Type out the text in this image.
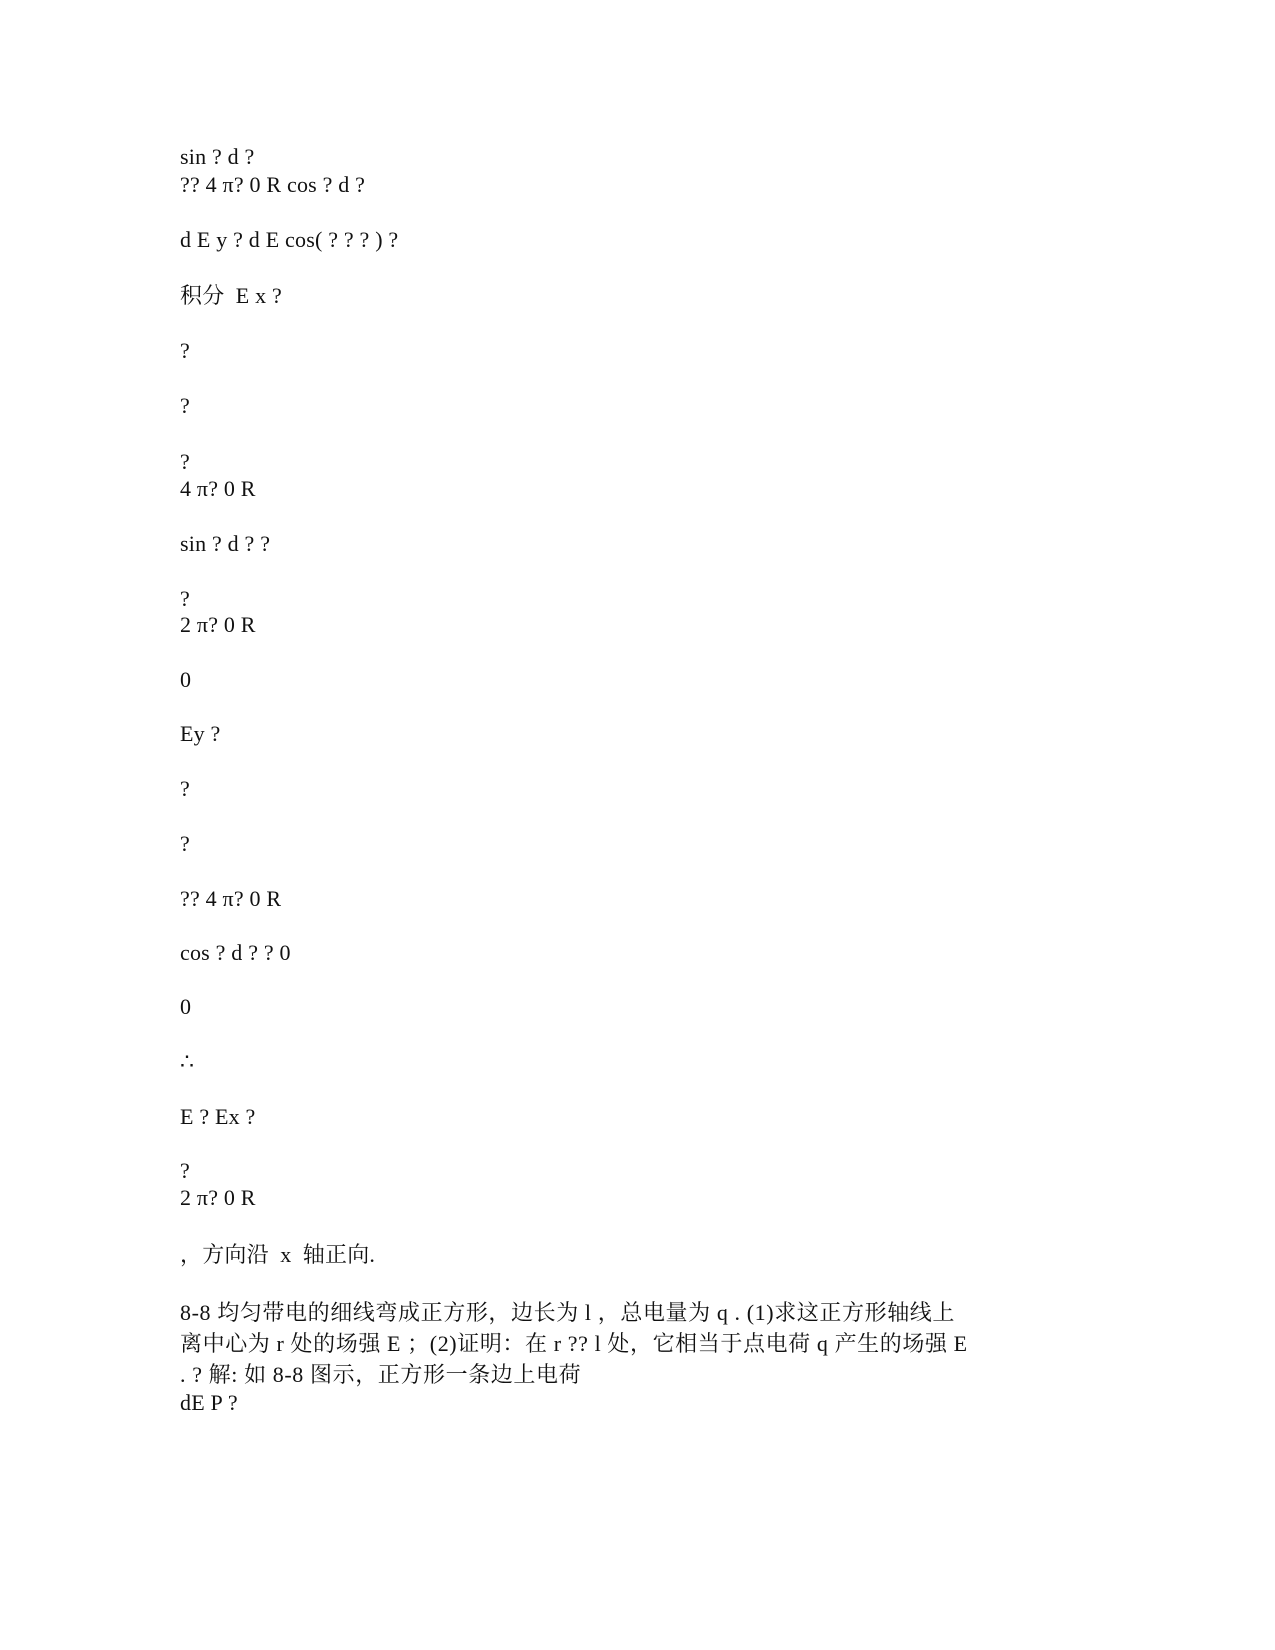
sin ? d ?
?? 4 π? 0 R cos ? d ?
d E y ? d E cos( ? ? ? ) ?
积分  E x ?
?
?
?
4 π? 0 R
sin ? d ? ?
?
2 π? 0 R
0
Ey ?
?
?
?? 4 π? 0 R
cos ? d ? ? 0
0
∴
E ? Ex ?
?
2 π? 0 R
，方向沿  x  轴正向.
8-8 均匀带电的细线弯成正方形，边长为 l ，总电量为 q . (1)求这正方形轴线上
离中心为 r 处的场强 E ；(2)证明：在 r ?? l 处，它相当于点电荷 q 产生的场强 E
. ? 解: 如 8-8 图示，正方形一条边上电荷
dE P ?
